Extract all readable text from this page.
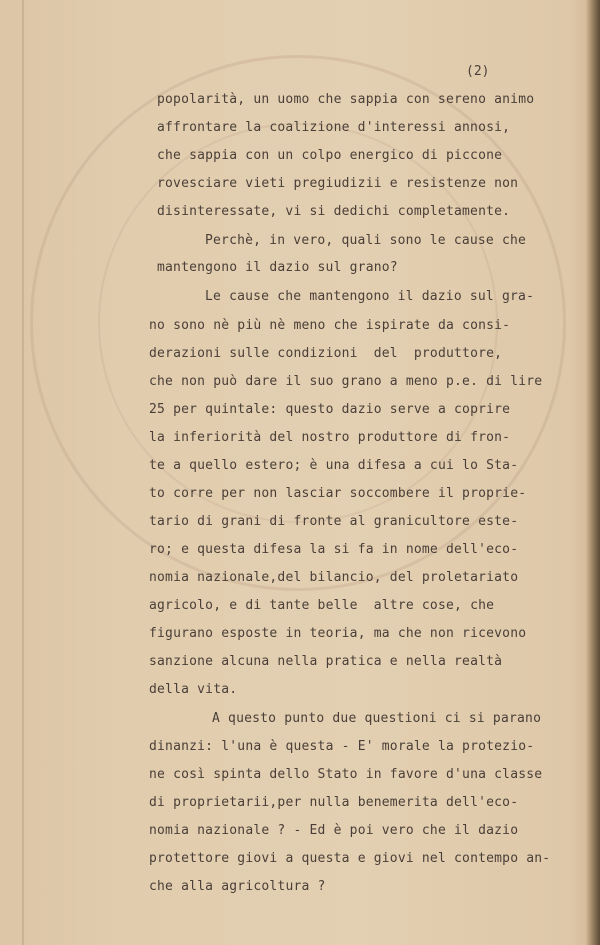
(2)
popolarità, un uomo che sappia con sereno animo
affrontare la coalizione d'interessi annosi,
che sappia con un colpo energico di piccone
rovesciare vieti pregiudizii e resistenze non
disinteressate, vi si dedichi completamente.
Perchè, in vero, quali sono le cause che
mantengono il dazio sul grano?
Le cause che mantengono il dazio sul gra-
no sono nè più nè meno che ispirate da consi-
derazioni sulle condizioni  del  produttore,
che non può dare il suo grano a meno p.e. di lire
25 per quintale: questo dazio serve a coprire
la inferiorità del nostro produttore di fron-
te a quello estero; è una difesa a cui lo Sta-
to corre per non lasciar soccombere il proprie-
tario di grani di fronte al granicultore este-
ro; e questa difesa la si fa in nome dell'eco-
nomia nazionale,del bilancio, del proletariato
agricolo, e di tante belle  altre cose, che
figurano esposte in teoria, ma che non ricevono
sanzione alcuna nella pratica e nella realtà
della vita.
A questo punto due questioni ci si parano
dinanzi: l'una è questa - E' morale la protezio-
ne così spinta dello Stato in favore d'una classe
di proprietarii,per nulla benemerita dell'eco-
nomia nazionale ? - Ed è poi vero che il dazio
protettore giovi a questa e giovi nel contempo an-
che alla agricoltura ?
